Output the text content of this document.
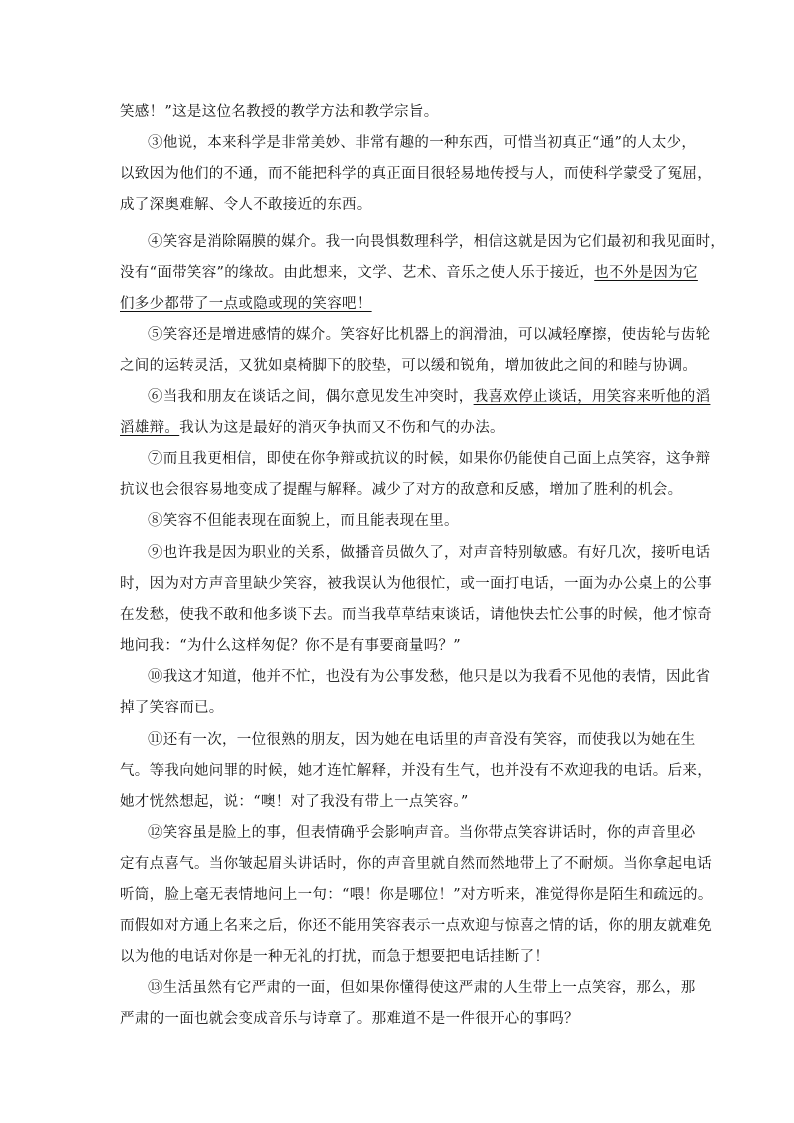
笑感！”这是这位名教授的教学方法和教学宗旨。
③他说，本来科学是非常美妙、非常有趣的一种东西，可惜当初真正“通”的人太少，
以致因为他们的不通，而不能把科学的真正面目很轻易地传授与人，而使科学蒙受了冤屈，
成了深奥难解、令人不敢接近的东西。
④笑容是消除隔膜的媒介。我一向畏惧数理科学，相信这就是因为它们最初和我见面时，
没有“面带笑容”的缘故。由此想来，文学、艺术、音乐之使人乐于接近，也不外是因为它
们多少都带了一点或隐或现的笑容吧！
⑤笑容还是增进感情的媒介。笑容好比机器上的润滑油，可以减轻摩擦，使齿轮与齿轮
之间的运转灵活，又犹如桌椅脚下的胶垫，可以缓和锐角，增加彼此之间的和睦与协调。
⑥当我和朋友在谈话之间，偶尔意见发生冲突时，我喜欢停止谈话，用笑容来听他的滔
滔雄辩。我认为这是最好的消灭争执而又不伤和气的办法。
⑦而且我更相信，即使在你争辩或抗议的时候，如果你仍能使自己面上点笑容，这争辩
抗议也会很容易地变成了提醒与解释。减少了对方的敌意和反感，增加了胜利的机会。
⑧笑容不但能表现在面貌上，而且能表现在里。
⑨也许我是因为职业的关系，做播音员做久了，对声音特别敏感。有好几次，接听电话
时，因为对方声音里缺少笑容，被我误认为他很忙，或一面打电话，一面为办公桌上的公事
在发愁，使我不敢和他多谈下去。而当我草草结束谈话，请他快去忙公事的时候，他才惊奇
地问我：“为什么这样匆促？你不是有事要商量吗？”
⑩我这才知道，他并不忙，也没有为公事发愁，他只是以为我看不见他的表情，因此省
掉了笑容而已。
⑪还有一次，一位很熟的朋友，因为她在电话里的声音没有笑容，而使我以为她在生
气。等我向她问罪的时候，她才连忙解释，并没有生气，也并没有不欢迎我的电话。后来，
她才恍然想起，说：“噢！对了我没有带上一点笑容。”
⑫笑容虽是脸上的事，但表情确乎会影响声音。当你带点笑容讲话时，你的声音里必
定有点喜气。当你皱起眉头讲话时，你的声音里就自然而然地带上了不耐烦。当你拿起电话
听筒，脸上毫无表情地问上一句：“喂！你是哪位！”对方听来，准觉得你是陌生和疏远的。
而假如对方通上名来之后，你还不能用笑容表示一点欢迎与惊喜之情的话，你的朋友就难免
以为他的电话对你是一种无礼的打扰，而急于想要把电话挂断了！
⑬生活虽然有它严肃的一面，但如果你懂得使这严肃的人生带上一点笑容，那么，那
严肃的一面也就会变成音乐与诗章了。那难道不是一件很开心的事吗？
